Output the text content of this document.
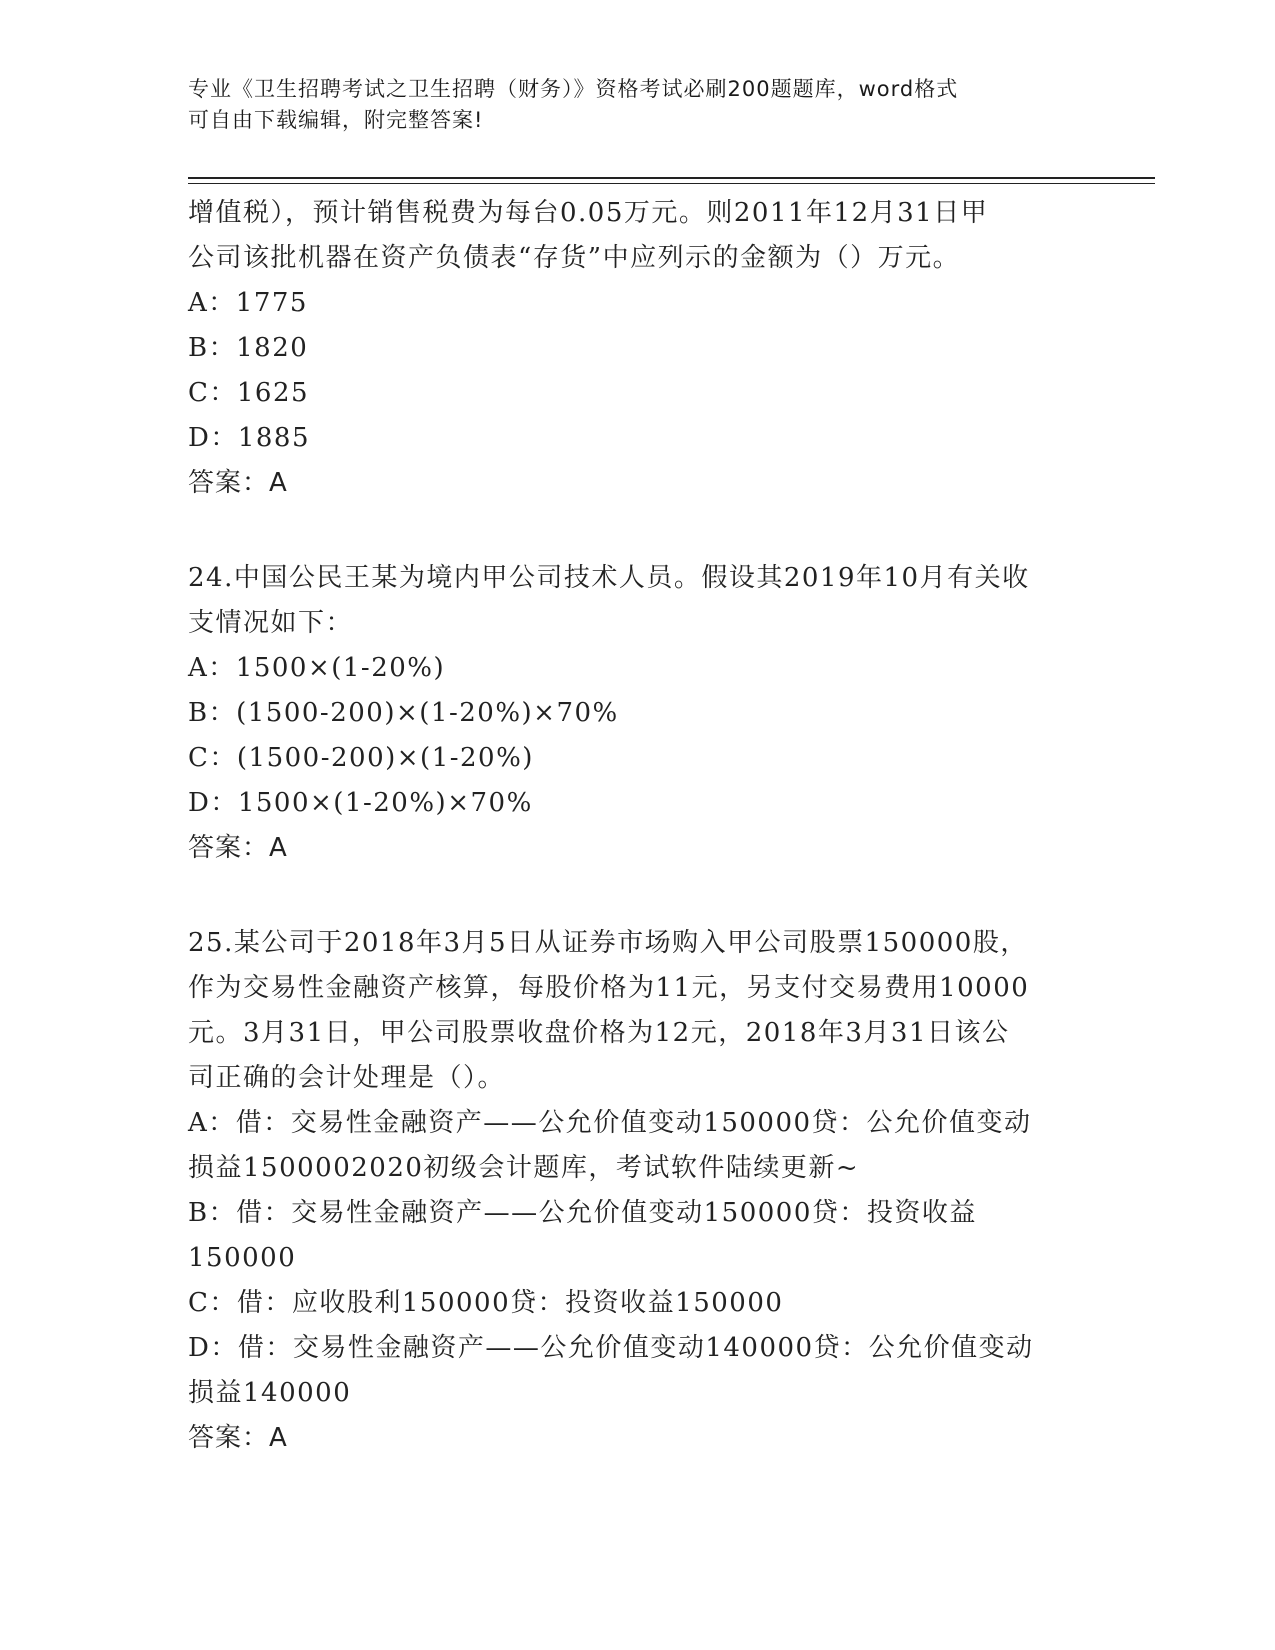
专业《卫生招聘考试之卫生招聘（财务）》资格考试必刷200题题库，word格式
可自由下载编辑，附完整答案!
增值税），预计销售税费为每台0.05万元。则2011年12月31日甲
公司该批机器在资产负债表“存货”中应列示的金额为（）万元。
A：1775
B：1820
C：1625
D：1885
答案：A
24.中国公民王某为境内甲公司技术人员。假设其2019年10月有关收
支情况如下：
A：1500×(1-20%)
B：(1500-200)×(1-20%)×70%
C：(1500-200)×(1-20%)
D：1500×(1-20%)×70%
答案：A
25.某公司于2018年3月5日从证券市场购入甲公司股票150000股，
作为交易性金融资产核算，每股价格为11元，另支付交易费用10000
元。3月31日，甲公司股票收盘价格为12元，2018年3月31日该公
司正确的会计处理是（）。
A：借：交易性金融资产——公允价值变动150000贷：公允价值变动
损益1500002020初级会计题库，考试软件陆续更新~
B：借：交易性金融资产——公允价值变动150000贷：投资收益
150000
C：借：应收股利150000贷：投资收益150000
D：借：交易性金融资产——公允价值变动140000贷：公允价值变动
损益140000
答案：A
